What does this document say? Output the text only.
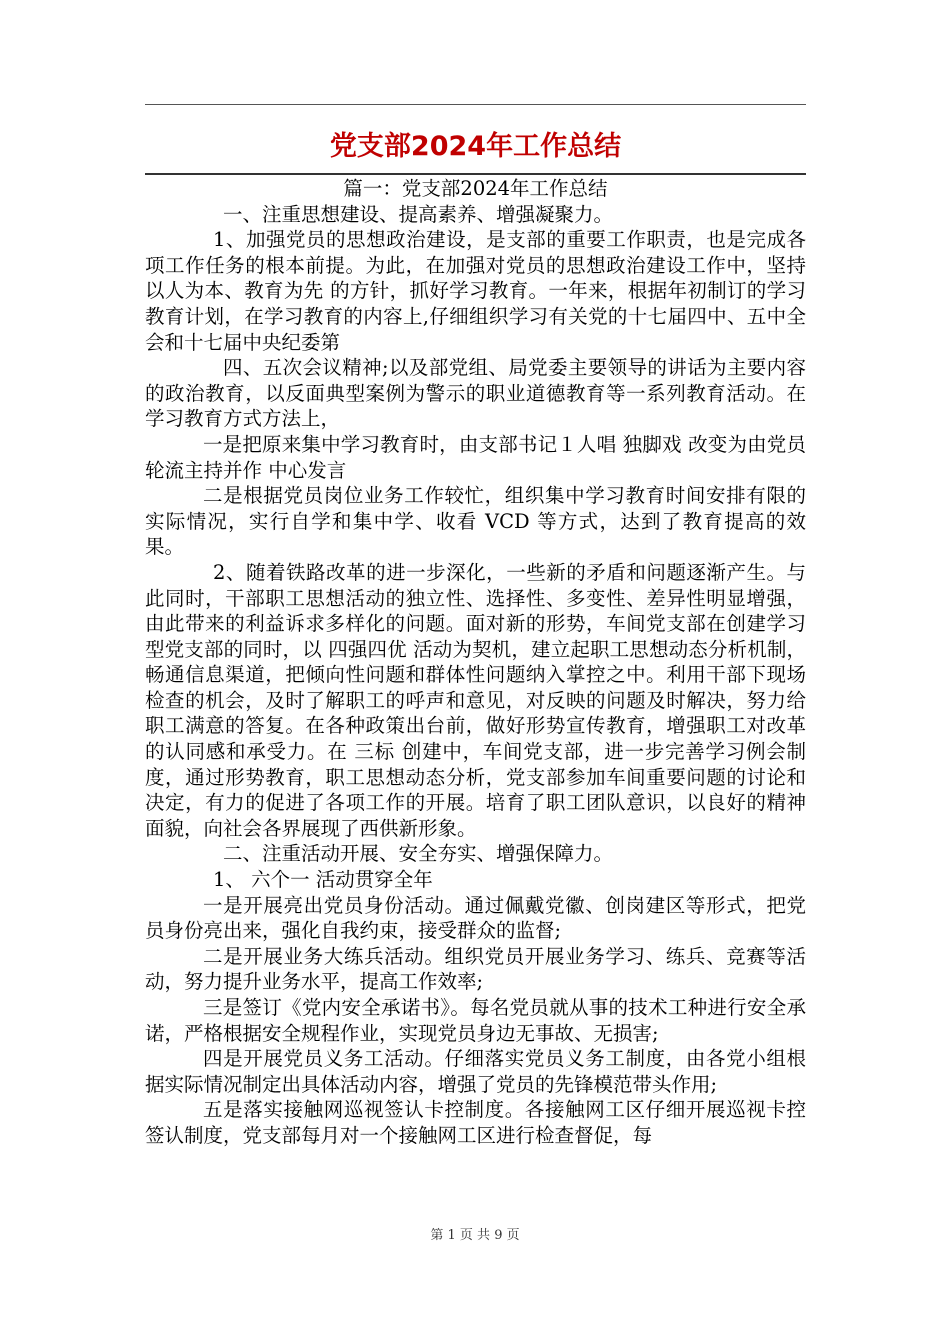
党支部2024年工作总结

篇一：党支部2024年工作总结

一、注重思想建设、提高素养、增强凝聚力。

1、加强党员的思想政治建设，是支部的重要工作职责，也是完成各项工作任务的根本前提。为此，在加强对党员的思想政治建设工作中，坚持 以人为本、教育为先 的方针，抓好学习教育。一年来，根据年初制订的学习教育计划，在学习教育的内容上,仔细组织学习有关党的十七届四中、五中全会和十七届中央纪委第

四、五次会议精神;以及部党组、局党委主要领导的讲话为主要内容的政治教育，以反面典型案例为警示的职业道德教育等一系列教育活动。在学习教育方式方法上，

一是把原来集中学习教育时，由支部书记１人唱 独脚戏 改变为由党员轮流主持并作 中心发言

二是根据党员岗位业务工作较忙，组织集中学习教育时间安排有限的实际情况，实行自学和集中学、收看 VCD 等方式，达到了教育提高的效果。

2、随着铁路改革的进一步深化，一些新的矛盾和问题逐渐产生。与此同时，干部职工思想活动的独立性、选择性、多变性、差异性明显增强，由此带来的利益诉求多样化的问题。面对新的形势，车间党支部在创建学习型党支部的同时，以 四强四优 活动为契机，建立起职工思想动态分析机制，畅通信息渠道，把倾向性问题和群体性问题纳入掌控之中。利用干部下现场检查的机会，及时了解职工的呼声和意见，对反映的问题及时解决，努力给职工满意的答复。在各种政策出台前，做好形势宣传教育，增强职工对改革的认同感和承受力。在 三标 创建中，车间党支部，进一步完善学习例会制度，通过形势教育，职工思想动态分析，党支部参加车间重要问题的讨论和决定，有力的促进了各项工作的开展。培育了职工团队意识，以良好的精神面貌，向社会各界展现了西供新形象。

二、注重活动开展、安全夯实、增强保障力。

1、 六个一 活动贯穿全年

一是开展亮出党员身份活动。通过佩戴党徽、创岗建区等形式，把党员身份亮出来，强化自我约束，接受群众的监督;

二是开展业务大练兵活动。组织党员开展业务学习、练兵、竞赛等活动，努力提升业务水平，提高工作效率;

三是签订《党内安全承诺书》。每名党员就从事的技术工种进行安全承诺，严格根据安全规程作业，实现党员身边无事故、无损害;

四是开展党员义务工活动。仔细落实党员义务工制度，由各党小组根据实际情况制定出具体活动内容，增强了党员的先锋模范带头作用;

五是落实接触网巡视签认卡控制度。各接触网工区仔细开展巡视卡控签认制度，党支部每月对一个接触网工区进行检查督促，每

第 1 页 共 9 页
